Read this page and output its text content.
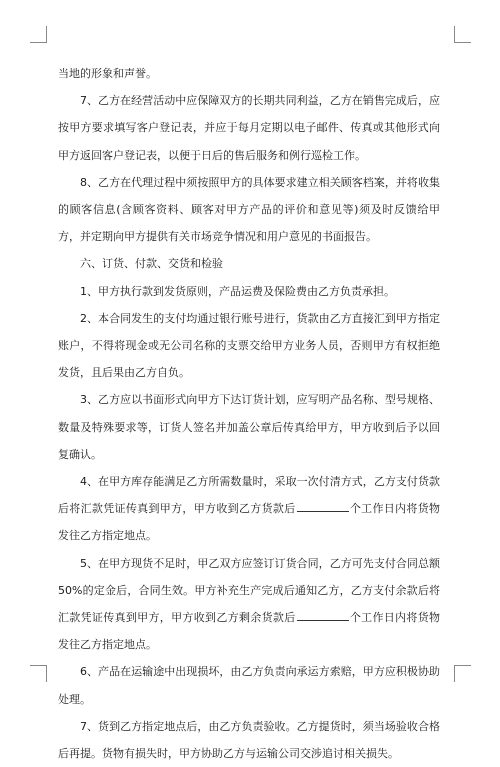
当地的形象和声誉。

7、乙方在经营活动中应保障双方的长期共同利益，乙方在销售完成后，应按甲方要求填写客户登记表，并应于每月定期以电子邮件、传真或其他形式向甲方返回客户登记表，以便于日后的售后服务和例行巡检工作。

8、乙方在代理过程中须按照甲方的具体要求建立相关顾客档案，并将收集的顾客信息(含顾客资料、顾客对甲方产品的评价和意见等)须及时反馈给甲方，并定期向甲方提供有关市场竞争情况和用户意见的书面报告。

六、订货、付款、交货和检验

1、甲方执行款到发货原则，产品运费及保险费由乙方负责承担。

2、本合同发生的支付均通过银行账号进行，货款由乙方直接汇到甲方指定账户，不得将现金或无公司名称的支票交给甲方业务人员，否则甲方有权拒绝发货，且后果由乙方自负。

3、乙方应以书面形式向甲方下达订货计划，应写明产品名称、型号规格、数量及特殊要求等，订货人签名并加盖公章后传真给甲方，甲方收到后予以回复确认。

4、在甲方库存能满足乙方所需数量时，采取一次付清方式，乙方支付货款后将汇款凭证传真到甲方，甲方收到乙方货款后	个工作日内将货物发往乙方指定地点。

5、在甲方现货不足时，甲乙双方应签订订货合同，乙方可先支付合同总额50%的定金后，合同生效。甲方补充生产完成后通知乙方，乙方支付余款后将汇款凭证传真到甲方，甲方收到乙方剩余货款后	个工作日内将货物发往乙方指定地点。

6、产品在运输途中出现损坏，由乙方负责向承运方索赔，甲方应积极协助处理。

7、货到乙方指定地点后，由乙方负责验收。乙方提货时，须当场验收合格后再提。货物有损失时，甲方协助乙方与运输公司交涉追讨相关损失。
